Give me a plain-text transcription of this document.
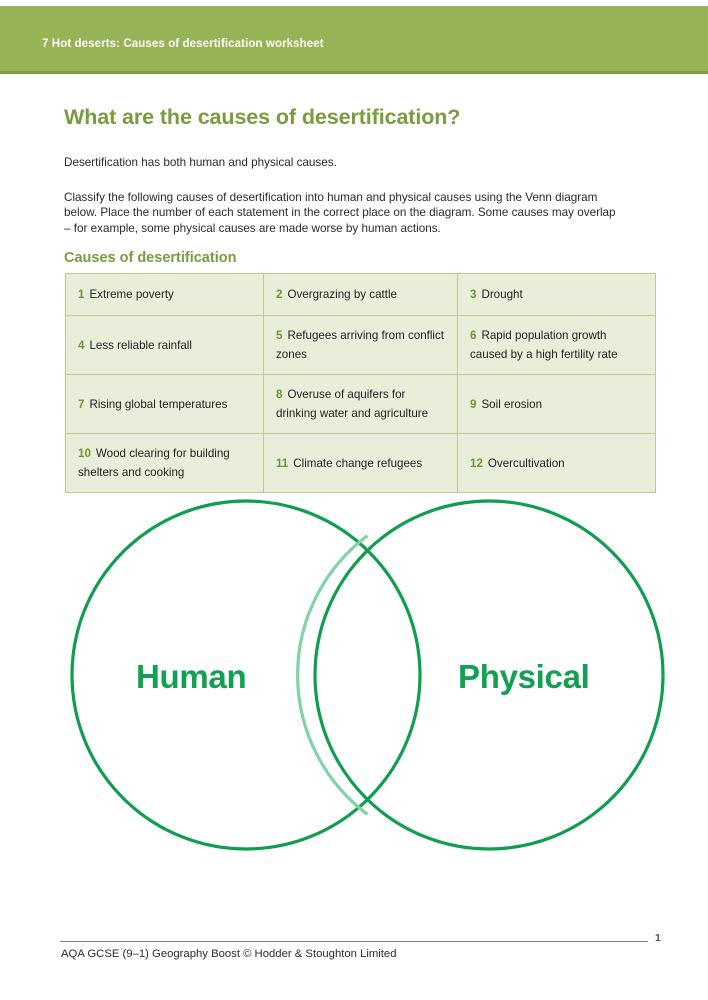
7 Hot deserts: Causes of desertification worksheet
What are the causes of desertification?

Desertification has both human and physical causes.

Classify the following causes of desertification into human and physical causes using the Venn diagram below. Place the number of each statement in the correct place on the diagram. Some causes may overlap – for example, some physical causes are made worse by human actions.

Causes of desertification
1 Extreme poverty	2 Overgrazing by cattle	3 Drought
4 Less reliable rainfall	5 Refugees arriving from conflict zones	6 Rapid population growth caused by a high fertility rate
7 Rising global temperatures	8 Overuse of aquifers for drinking water and agriculture	9 Soil erosion
10 Wood clearing for building shelters and cooking	11 Climate change refugees	12 Overcultivation
Human	Physical
AQA GCSE (9–1) Geography Boost © Hodder & Stoughton Limited
1
